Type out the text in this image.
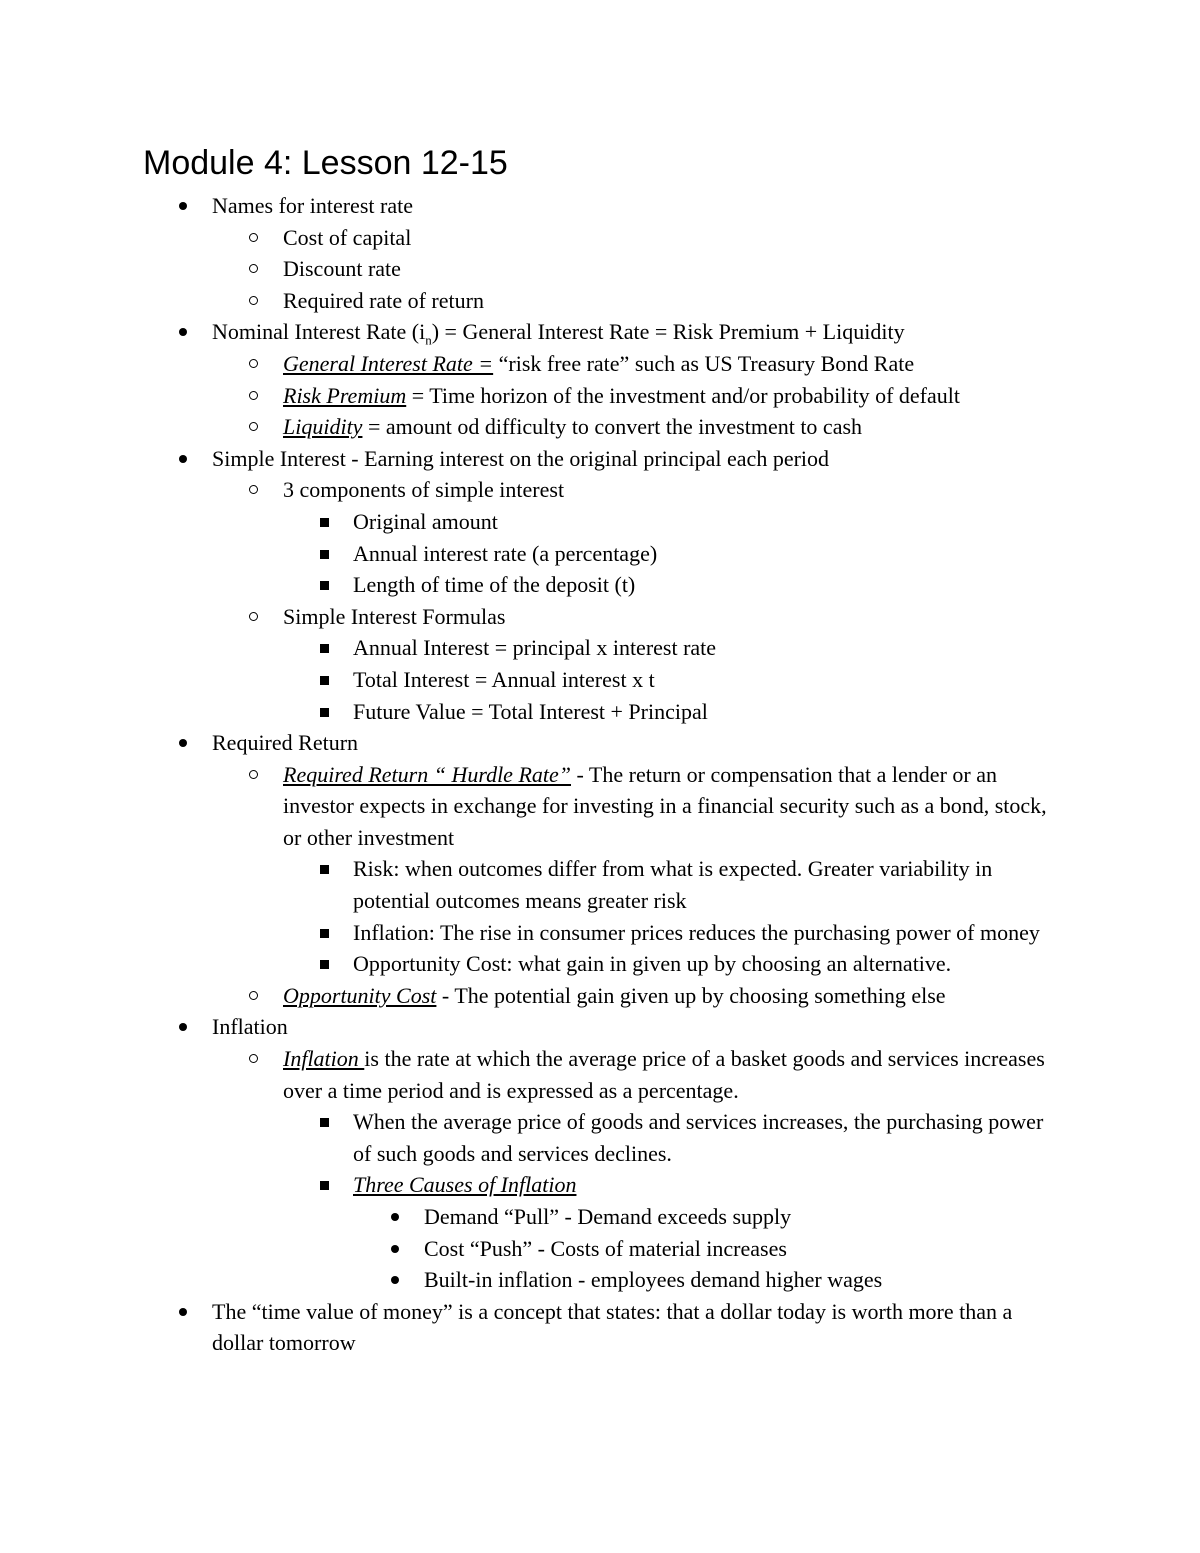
Module 4: Lesson 12-15
Names for interest rate
Cost of capital
Discount rate
Required rate of return
Nominal Interest Rate $(i_n)$ = General Interest Rate = Risk Premium + Liquidity
General Interest Rate = “risk free rate” such as US Treasury Bond Rate
Risk Premium = Time horizon of the investment and/or probability of default
Liquidity = amount od difficulty to convert the investment to cash
Simple Interest - Earning interest on the original principal each period
3 components of simple interest
Original amount
Annual interest rate (a percentage)
Length of time of the deposit (t)
Simple Interest Formulas
Annual Interest = principal x interest rate
Total Interest = Annual interest x t
Future Value = Total Interest + Principal
Required Return
Required Return “ Hurdle Rate” - The return or compensation that a lender or an investor expects in exchange for investing in a financial security such as a bond, stock, or other investment
Risk: when outcomes differ from what is expected. Greater variability in potential outcomes means greater risk
Inflation: The rise in consumer prices reduces the purchasing power of money
Opportunity Cost: what gain in given up by choosing an alternative.
Opportunity Cost - The potential gain given up by choosing something else
Inflation
Inflation is the rate at which the average price of a basket goods and services increases over a time period and is expressed as a percentage.
When the average price of goods and services increases, the purchasing power of such goods and services declines.
Three Causes of Inflation
Demand “Pull” - Demand exceeds supply
Cost “Push” - Costs of material increases
Built-in inflation - employees demand higher wages
The “time value of money” is a concept that states: that a dollar today is worth more than a dollar tomorrow
